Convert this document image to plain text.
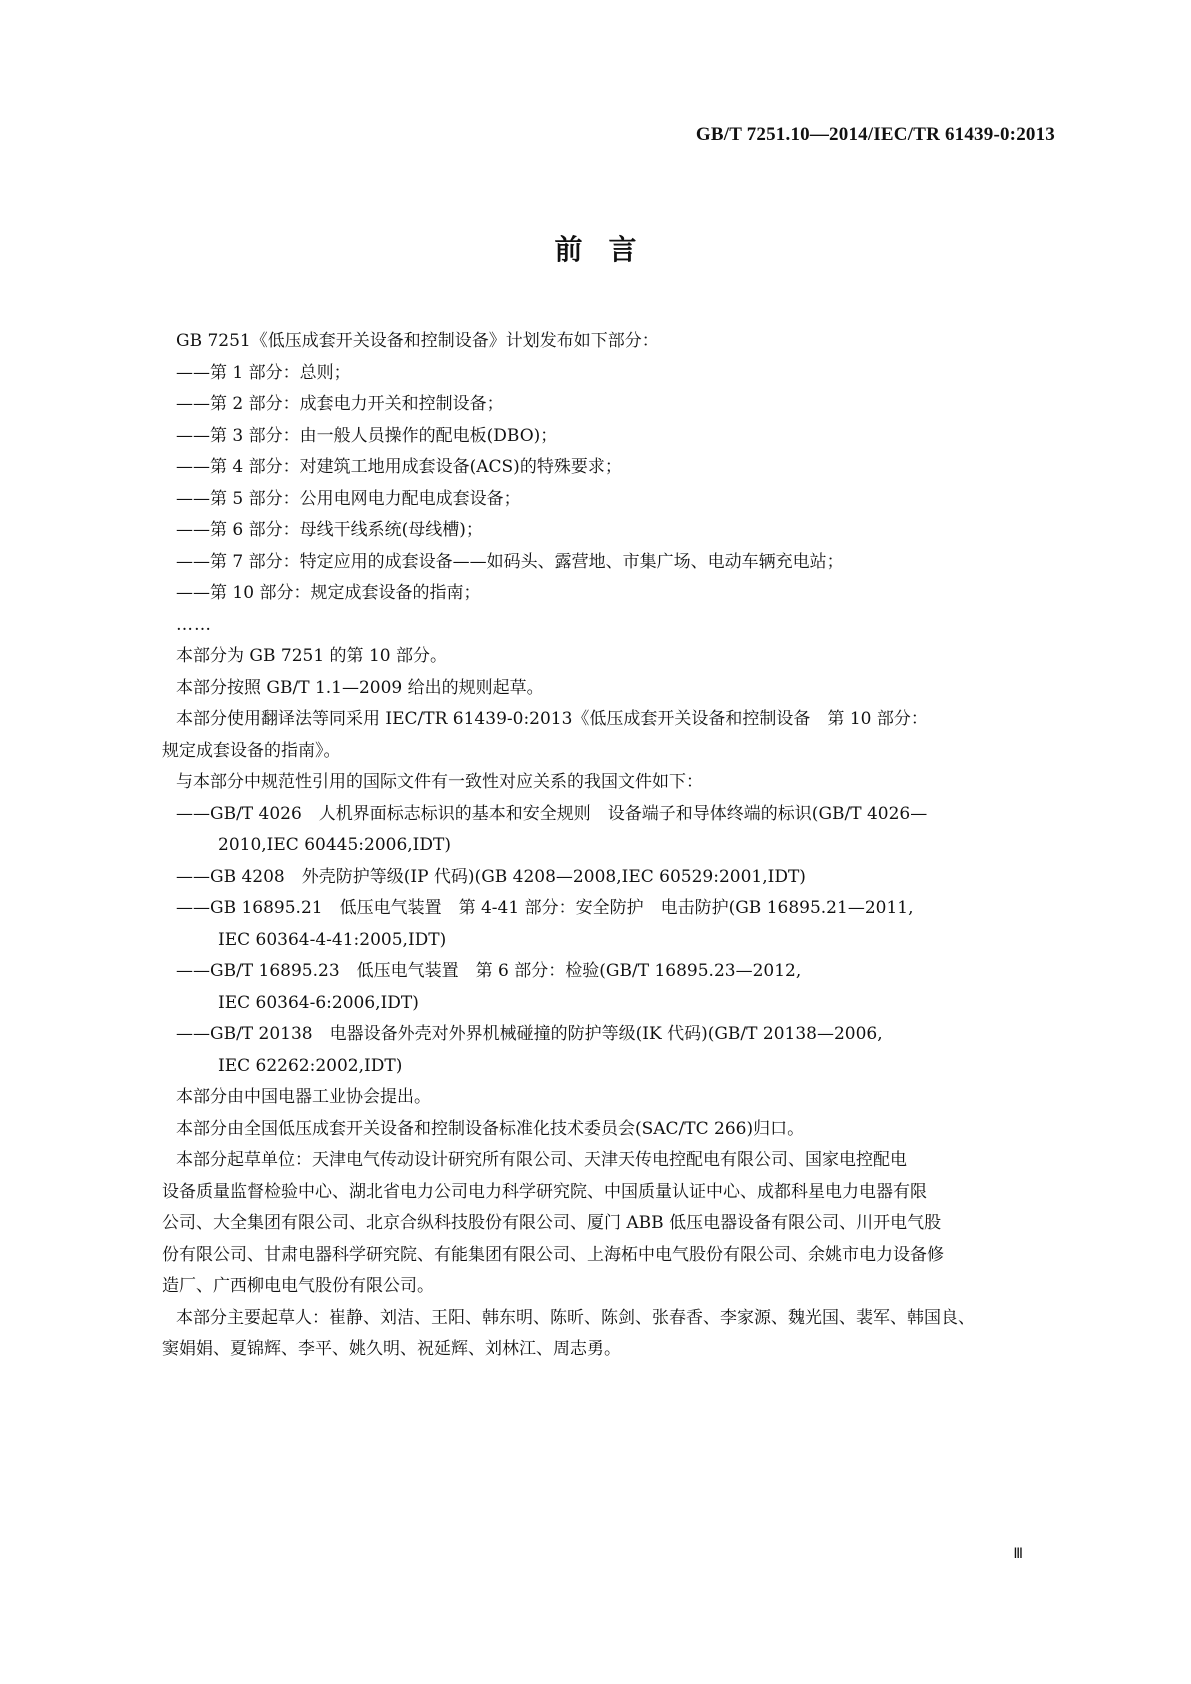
GB/T 7251.10—2014/IEC/TR 61439-0:2013
前言

GB 7251《低压成套开关设备和控制设备》计划发布如下部分：

——第 1 部分：总则；
——第 2 部分：成套电力开关和控制设备；
——第 3 部分：由一般人员操作的配电板(DBO)；
——第 4 部分：对建筑工地用成套设备(ACS)的特殊要求；
——第 5 部分：公用电网电力配电成套设备；
——第 6 部分：母线干线系统(母线槽)；
——第 7 部分：特定应用的成套设备——如码头、露营地、市集广场、电动车辆充电站；
——第 10 部分：规定成套设备的指南；
……

本部分为 GB 7251 的第 10 部分。

本部分按照 GB/T 1.1—2009 给出的规则起草。

本部分使用翻译法等同采用 IEC/TR 61439-0:2013《低压成套开关设备和控制设备　第 10 部分：
规定成套设备的指南》。

与本部分中规范性引用的国际文件有一致性对应关系的我国文件如下：

——GB/T 4026　人机界面标志标识的基本和安全规则　设备端子和导体终端的标识(GB/T 4026—
2010,IEC 60445:2006,IDT)
——GB 4208　外壳防护等级(IP 代码)(GB 4208—2008,IEC 60529:2001,IDT)
——GB 16895.21　低压电气装置　第 4-41 部分：安全防护　电击防护(GB 16895.21—2011,
IEC 60364-4-41:2005,IDT)
——GB/T 16895.23　低压电气装置　第 6 部分：检验(GB/T 16895.23—2012,
IEC 60364-6:2006,IDT)
——GB/T 20138　电器设备外壳对外界机械碰撞的防护等级(IK 代码)(GB/T 20138—2006,
IEC 62262:2002,IDT)

本部分由中国电器工业协会提出。

本部分由全国低压成套开关设备和控制设备标准化技术委员会(SAC/TC 266)归口。

本部分起草单位：天津电气传动设计研究所有限公司、天津天传电控配电有限公司、国家电控配电
设备质量监督检验中心、湖北省电力公司电力科学研究院、中国质量认证中心、成都科星电力电器有限
公司、大全集团有限公司、北京合纵科技股份有限公司、厦门 ABB 低压电器设备有限公司、川开电气股
份有限公司、甘肃电器科学研究院、有能集团有限公司、上海柘中电气股份有限公司、余姚市电力设备修
造厂、广西柳电电气股份有限公司。
本部分主要起草人：崔静、刘洁、王阳、韩东明、陈昕、陈剑、张春香、李家源、魏光国、裴军、韩国良、
窦娟娟、夏锦辉、李平、姚久明、祝延辉、刘林江、周志勇。
Ⅲ
